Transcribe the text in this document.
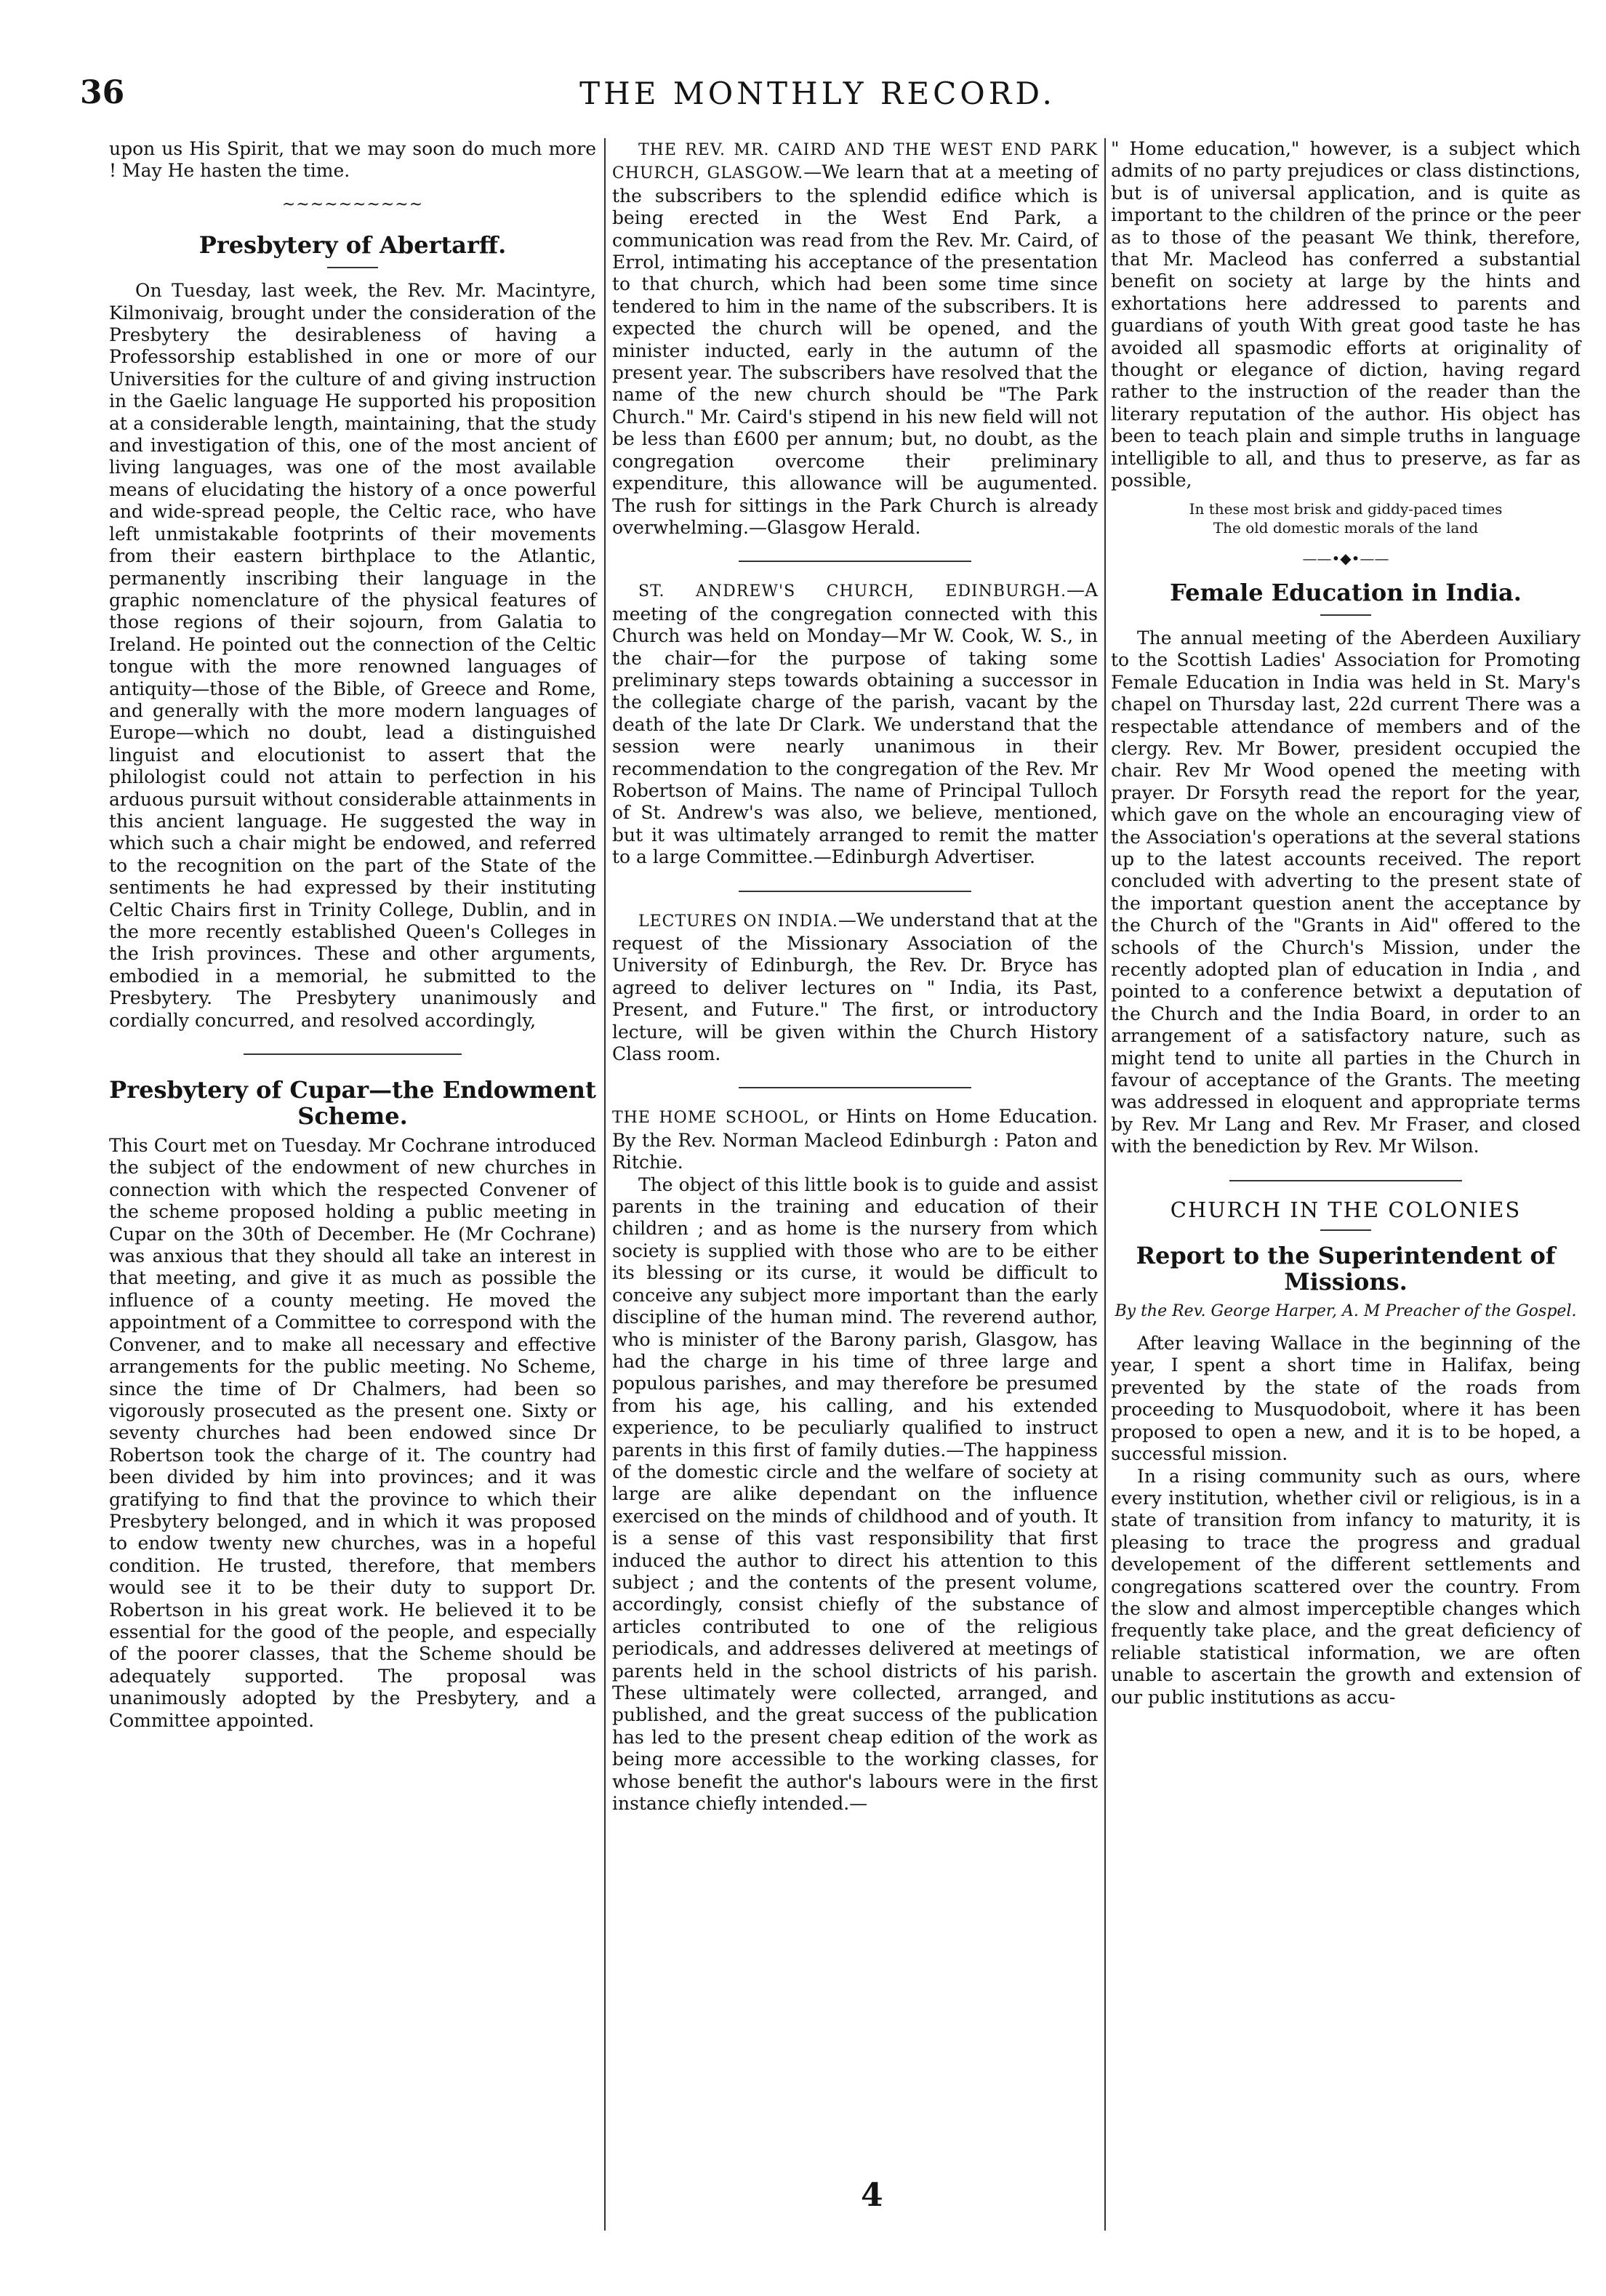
36	THE MONTHLY RECORD.

upon us His Spirit, that we may soon do much more ! May He hasten the time.

~~~~~~~~~~
Presbytery of Abertarff.

On Tuesday, last week, the Rev. Mr. Macintyre, Kilmonivaig, brought under the consideration of the Presbytery the desirableness of having a Professorship established in one or more of our Universities for the culture of and giving instruction in the Gaelic language He supported his proposition at a considerable length, maintaining, that the study and investigation of this, one of the most ancient of living languages, was one of the most available means of elucidating the history of a once powerful and wide-spread people, the Celtic race, who have left unmistakable footprints of their movements from their eastern birthplace to the Atlantic, permanently inscribing their language in the graphic nomenclature of the physical features of those regions of their sojourn, from Galatia to Ireland. He pointed out the connection of the Celtic tongue with the more renowned languages of antiquity—those of the Bible, of Greece and Rome, and generally with the more modern languages of Europe—which no doubt, lead a distinguished linguist and elocutionist to assert that the philologist could not attain to perfection in his arduous pursuit without considerable attainments in this ancient language. He suggested the way in which such a chair might be endowed, and referred to the recognition on the part of the State of the sentiments he had expressed by their instituting Celtic Chairs first in Trinity College, Dublin, and in the more recently established Queen's Colleges in the Irish provinces. These and other arguments, embodied in a memorial, he submitted to the Presbytery. The Presbytery unanimously and cordially concurred, and resolved accordingly,

Presbytery of Cupar—the Endowment Scheme.

This Court met on Tuesday. Mr Cochrane introduced the subject of the endowment of new churches in connection with which the respected Convener of the scheme proposed holding a public meeting in Cupar on the 30th of December. He (Mr Cochrane) was anxious that they should all take an interest in that meeting, and give it as much as possible the influence of a county meeting. He moved the appointment of a Committee to correspond with the Convener, and to make all necessary and effective arrangements for the public meeting. No Scheme, since the time of Dr Chalmers, had been so vigorously prosecuted as the present one. Sixty or seventy churches had been endowed since Dr Robertson took the charge of it. The country had been divided by him into provinces; and it was gratifying to find that the province to which their Presbytery belonged, and in which it was proposed to endow twenty new churches, was in a hopeful condition. He trusted, therefore, that members would see it to be their duty to support Dr. Robertson in his great work. He believed it to be essential for the good of the people, and especially of the poorer classes, that the Scheme should be adequately supported. The proposal was unanimously adopted by the Presbytery, and a Committee appointed.

THE REV. MR. CAIRD AND THE WEST END PARK CHURCH, GLASGOW.—We learn that at a meeting of the subscribers to the splendid edifice which is being erected in the West End Park, a communication was read from the Rev. Mr. Caird, of Errol, intimating his acceptance of the presentation to that church, which had been some time since tendered to him in the name of the subscribers. It is expected the church will be opened, and the minister inducted, early in the autumn of the present year. The subscribers have resolved that the name of the new church should be "The Park Church." Mr. Caird's stipend in his new field will not be less than £600 per annum; but, no doubt, as the congregation overcome their preliminary expenditure, this allowance will be augumented. The rush for sittings in the Park Church is already overwhelming.—Glasgow Herald.

ST. ANDREW'S CHURCH, EDINBURGH.—A meeting of the congregation connected with this Church was held on Monday—Mr W. Cook, W. S., in the chair—for the purpose of taking some preliminary steps towards obtaining a successor in the collegiate charge of the parish, vacant by the death of the late Dr Clark. We understand that the session were nearly unanimous in their recommendation to the congregation of the Rev. Mr Robertson of Mains. The name of Principal Tulloch of St. Andrew's was also, we believe, mentioned, but it was ultimately arranged to remit the matter to a large Committee.—Edinburgh Advertiser.

LECTURES ON INDIA.—We understand that at the request of the Missionary Association of the University of Edinburgh, the Rev. Dr. Bryce has agreed to deliver lectures on " India, its Past, Present, and Future." The first, or introductory lecture, will be given within the Church History Class room.

THE HOME SCHOOL, or Hints on Home Education. By the Rev. Norman Macleod Edinburgh : Paton and Ritchie.

The object of this little book is to guide and assist parents in the training and education of their children ; and as home is the nursery from which society is supplied with those who are to be either its blessing or its curse, it would be difficult to conceive any subject more important than the early discipline of the human mind. The reverend author, who is minister of the Barony parish, Glasgow, has had the charge in his time of three large and populous parishes, and may therefore be presumed from his age, his calling, and his extended experience, to be peculiarly qualified to instruct parents in this first of family duties.—The happiness of the domestic circle and the welfare of society at large are alike dependant on the influence exercised on the minds of childhood and of youth. It is a sense of this vast responsibility that first induced the author to direct his attention to this subject ; and the contents of the present volume, accordingly, consist chiefly of the substance of articles contributed to one of the religious periodicals, and addresses delivered at meetings of parents held in the school districts of his parish. These ultimately were collected, arranged, and published, and the great success of the publication has led to the present cheap edition of the work as being more accessible to the working classes, for whose benefit the author's labours were in the first instance chiefly intended.—

" Home education," however, is a subject which admits of no party prejudices or class distinctions, but is of universal application, and is quite as important to the children of the prince or the peer as to those of the peasant We think, therefore, that Mr. Macleod has conferred a substantial benefit on society at large by the hints and exhortations here addressed to parents and guardians of youth With great good taste he has avoided all spasmodic efforts at originality of thought or elegance of diction, having regard rather to the instruction of the reader than the literary reputation of the author. His object has been to teach plain and simple truths in language intelligible to all, and thus to preserve, as far as possible,

In these most brisk and giddy-paced times
The old domestic morals of the land
——•◆•——
Female Education in India.

The annual meeting of the Aberdeen Auxiliary to the Scottish Ladies' Association for Promoting Female Education in India was held in St. Mary's chapel on Thursday last, 22d current There was a respectable attendance of members and of the clergy. Rev. Mr Bower, president occupied the chair. Rev Mr Wood opened the meeting with prayer. Dr Forsyth read the report for the year, which gave on the whole an encouraging view of the Association's operations at the several stations up to the latest accounts received. The report concluded with adverting to the present state of the important question anent the acceptance by the Church of the "Grants in Aid" offered to the schools of the Church's Mission, under the recently adopted plan of education in India , and pointed to a conference betwixt a deputation of the Church and the India Board, in order to an arrangement of a satisfactory nature, such as might tend to unite all parties in the Church in favour of acceptance of the Grants. The meeting was addressed in eloquent and appropriate terms by Rev. Mr Lang and Rev. Mr Fraser, and closed with the benediction by Rev. Mr Wilson.

CHURCH IN THE COLONIES
Report to the Superintendent of Missions.
By the Rev. George Harper, A. M Preacher of the Gospel.

After leaving Wallace in the beginning of the year, I spent a short time in Halifax, being prevented by the state of the roads from proceeding to Musquodoboit, where it has been proposed to open a new, and it is to be hoped, a successful mission.

In a rising community such as ours, where every institution, whether civil or religious, is in a state of transition from infancy to maturity, it is pleasing to trace the progress and gradual developement of the different settlements and congregations scattered over the country. From the slow and almost imperceptible changes which frequently take place, and the great deficiency of reliable statistical information, we are often unable to ascertain the growth and extension of our public institutions as accu-

4
